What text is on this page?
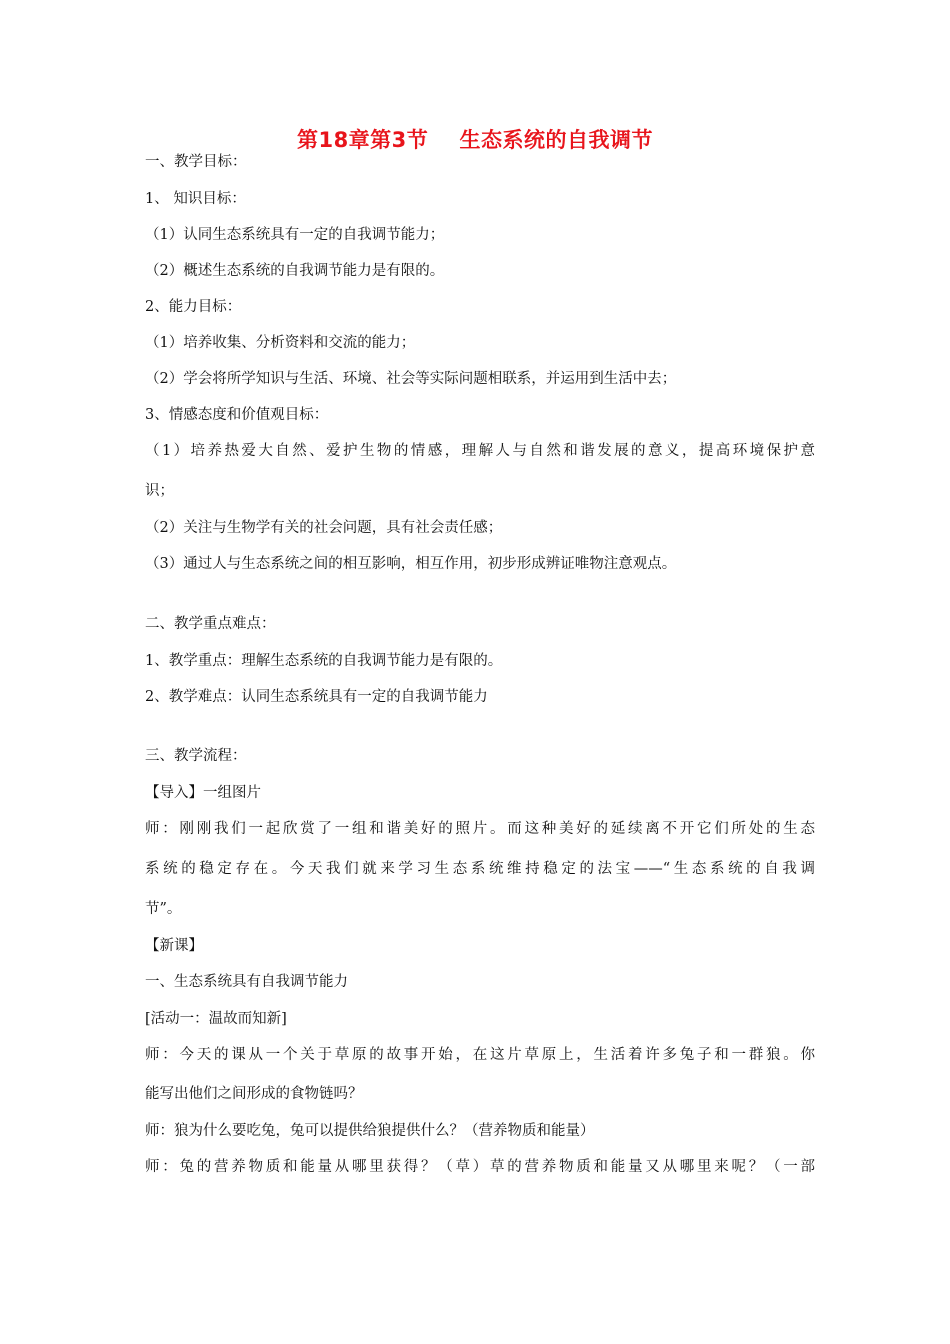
第18章第3节    生态系统的自我调节
一、教学目标：
1、 知识目标：
（1）认同生态系统具有一定的自我调节能力；
（2）概述生态系统的自我调节能力是有限的。
2、能力目标：
（1）培养收集、分析资料和交流的能力；
（2）学会将所学知识与生活、环境、社会等实际问题相联系，并运用到生活中去；
3、情感态度和价值观目标：
（1）培养热爱大自然、爱护生物的情感，理解人与自然和谐发展的意义，提高环境保护意
识；
（2）关注与生物学有关的社会问题，具有社会责任感；
（3）通过人与生态系统之间的相互影响，相互作用，初步形成辨证唯物注意观点。
二、教学重点难点：
1、教学重点：理解生态系统的自我调节能力是有限的。
2、教学难点：认同生态系统具有一定的自我调节能力
三、教学流程：
【导入】一组图片
师：刚刚我们一起欣赏了一组和谐美好的照片。而这种美好的延续离不开它们所处的生态
系统的稳定存在。今天我们就来学习生态系统维持稳定的法宝——“生态系统的自我调
节”。
【新课】
一、生态系统具有自我调节能力
[活动一：温故而知新]
师：今天的课从一个关于草原的故事开始，在这片草原上，生活着许多兔子和一群狼。你
能写出他们之间形成的食物链吗？
师：狼为什么要吃兔，兔可以提供给狼提供什么？（营养物质和能量）
师：兔的营养物质和能量从哪里获得？（草）草的营养物质和能量又从哪里来呢？（一部
